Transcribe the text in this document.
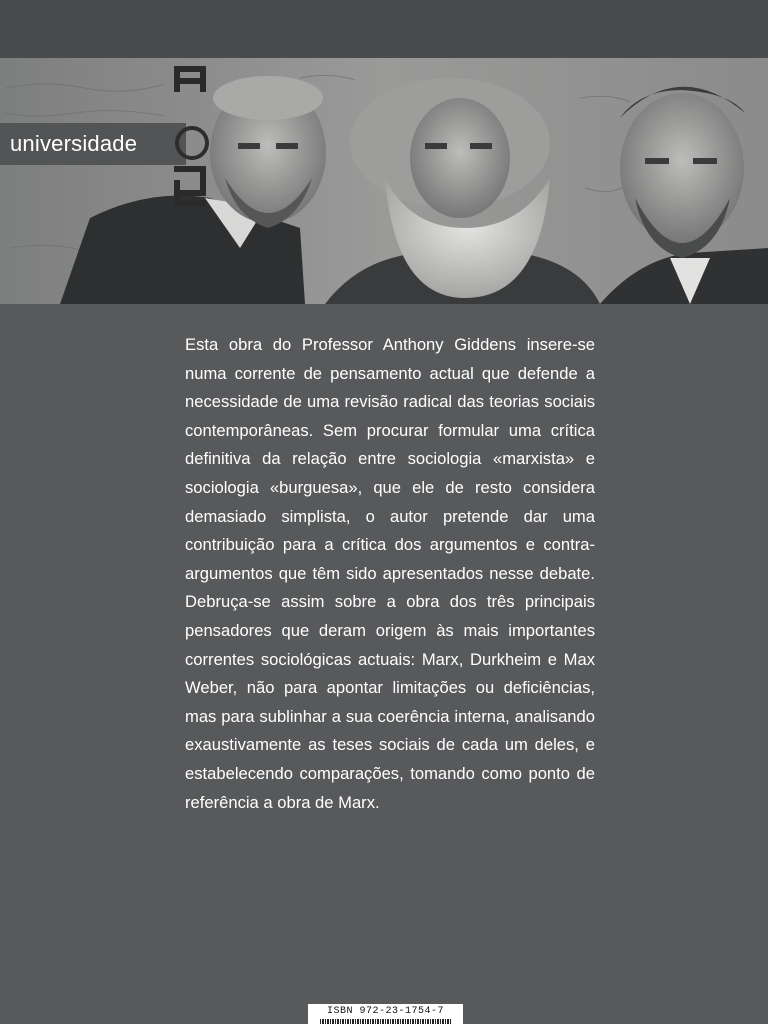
universidade

Esta obra do Professor Anthony Giddens insere-se numa corrente de pensamento actual que defende a necessidade de uma revisão radical das teorias sociais contemporâneas. Sem procurar formular uma crítica definitiva da relação entre sociologia «marxista» e sociologia «burguesa», que ele de resto considera demasiado simplista, o autor pretende dar uma contribuição para a crítica dos argumentos e contra-argumentos que têm sido apresentados nesse debate. Debruça-se assim sobre a obra dos três principais pensadores que deram origem às mais importantes correntes sociológicas actuais: Marx, Durkheim e Max Weber, não para apontar limitações ou deficiências, mas para sublinhar a sua coerência interna, analisando exaustivamente as teses sociais de cada um deles, e estabelecendo comparações, tomando como ponto de referência a obra de Marx.

ISBN 972-23-1754-7
